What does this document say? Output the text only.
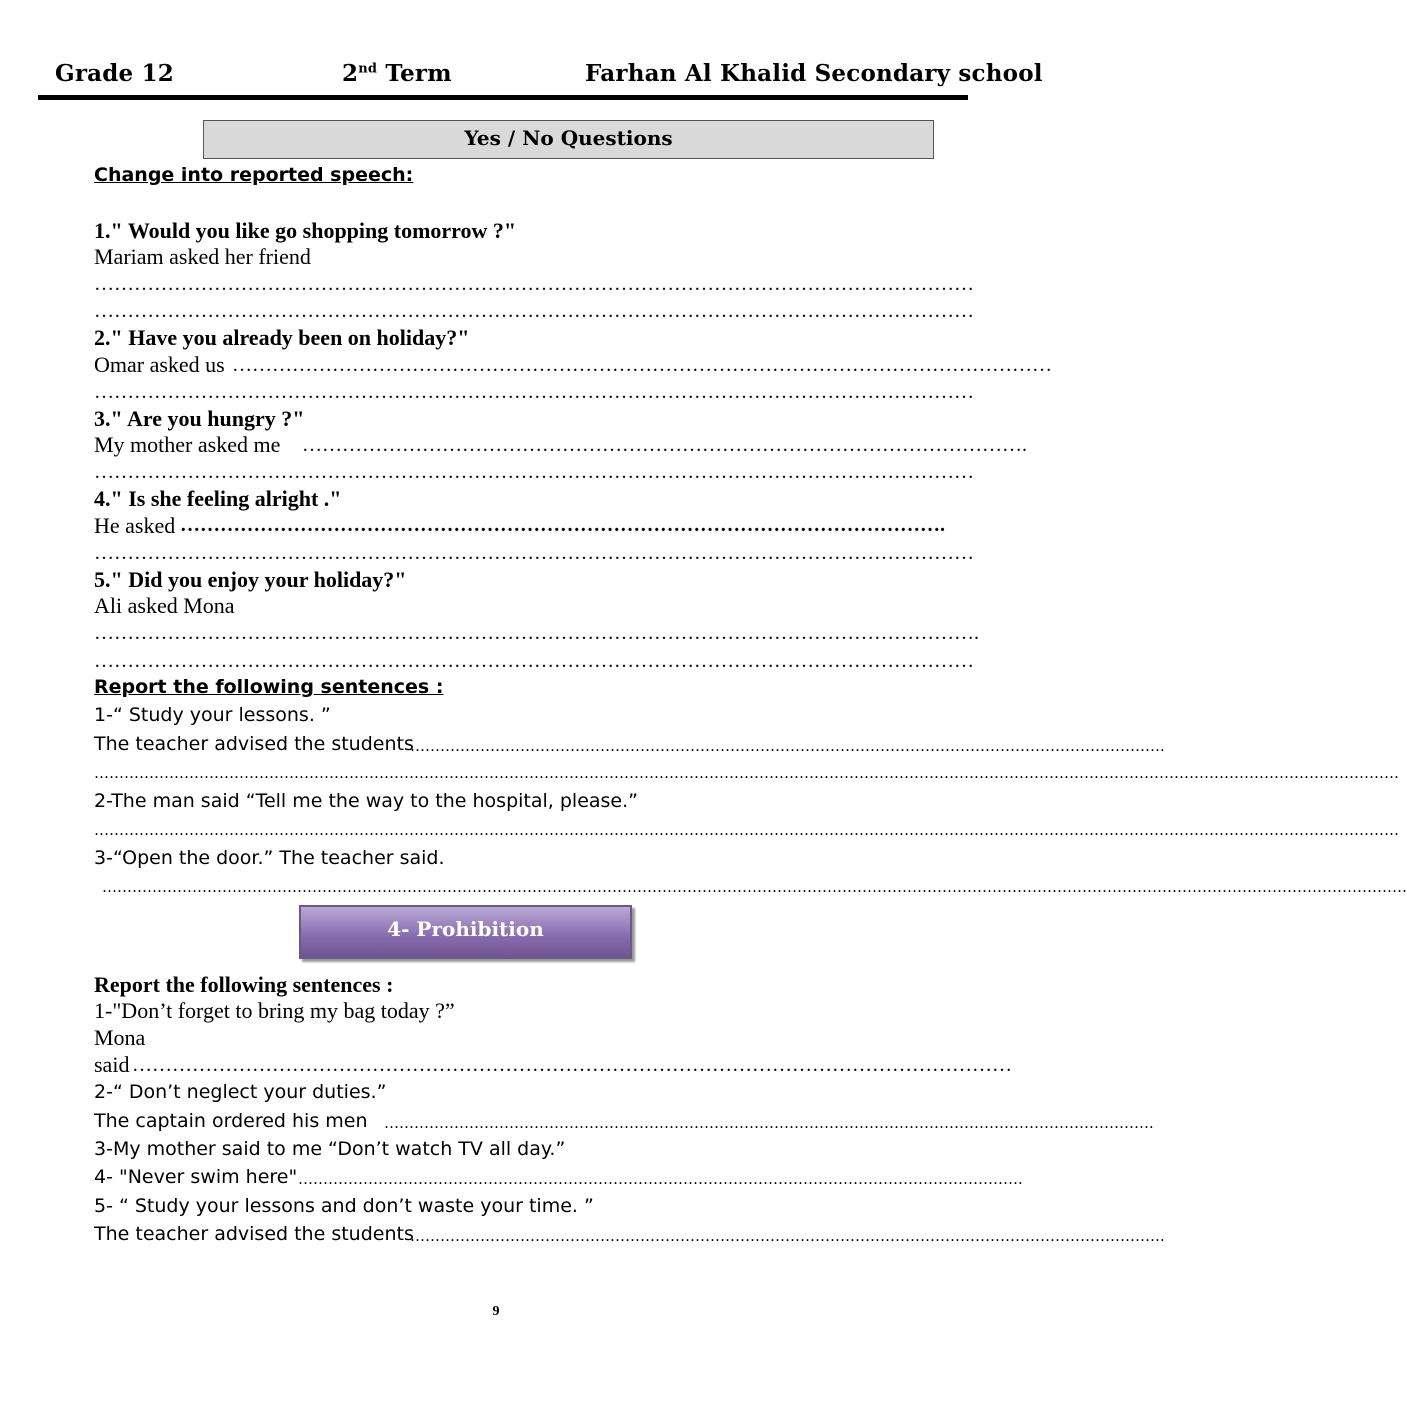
Grade 12	2nd Term	Farhan Al Khalid Secondary school
Yes / No Questions
Change into reported speech:
1." Would you like go shopping tomorrow ?"
Mariam asked her friend
……………………………………………………………………………………………………………………
……………………………………………………………………………………………………………………
2." Have you already been on holiday?"
Omar asked us ……………………………………………………………………………………………………………
……………………………………………………………………………………………………………………
3." Are you hungry ?"
My mother asked me ……………………………………………………………………………………………….
……………………………………………………………………………………………………………………
4." Is she feeling alright ."
He asked …………………………………………………………………………………………………….
……………………………………………………………………………………………………………………
5." Did you enjoy your holiday?"
Ali asked Mona
…………………………………………………………………………………………………………………….
……………………………………………………………………………………………………………………
Report the following sentences :
1-“ Study your lessons. ”
The teacher advised the students
…………………………………………………………………………………………………………………………………….
………………………………………………………………………………………………………………………………………………………………………………………………………………………………………
2-The man said “Tell me the way to the hospital, please.”
………………………………………………………………………………………………………………………………………………………………………………………………………………………………………
3-“Open the door.” The teacher said.
………………………………………………………………………………………………………………………………………………………………………………………………………………………………………
4- Prohibition
Report the following sentences :
1-"Don’t forget to bring my bag today ?”
Mona
said ……………………………………………………………………………………………………………………
2-“ Don’t neglect your duties.”
The captain ordered his men ……………………………………………………………………………………………………………………………………….
3-My mother said to me “Don’t watch TV all day.”
4- "Never swim here" ……………………………………………………………………………………………………………………………….
5- “ Study your lessons and don’t waste your time. ”
The teacher advised the students
…………………………………………………………………………………………………………………………………….
9
